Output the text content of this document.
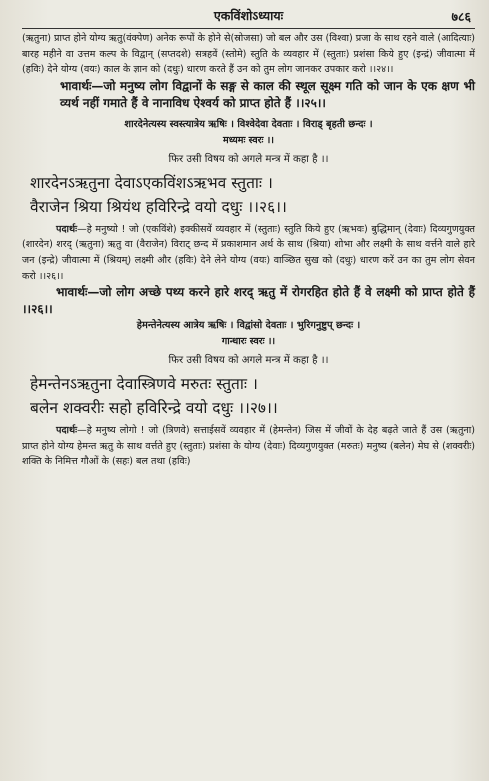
एकविंशोऽध्यायः	७८६

(ऋतुना) प्राप्त होने योग्य ऋतु(वंक्पेण) अनेक रूपों के होने से(स्रोजसा) जो बल और उस (विश्वा) प्रजा के साथ रहने वाले (आदित्याः) बारह महीने वा उत्तम कल्प के विद्वान् (सप्तदशे) सत्रहवें (स्तोमे) स्तुति के व्यवहार में (स्तुताः) प्रशंसा किये हुए (इन्द्रं) जीवात्मा में (हविः) देने योग्य (वयः) काल के ज्ञान को (दधुः) धारण करते हैं उन को तुम लोग जानकर उपकार करो ।।२४।।

भावार्थः—जो मनुष्य लोग विद्वानों के सङ्ग से काल की स्थूल सूक्ष्म गति को जान के एक क्षण भी व्यर्थ नहीं गमाते हैं वे नानाविध ऐश्वर्य को प्राप्त होते हैं ।।२५।।

शारदेनेत्यस्य स्वस्त्यात्रेय ऋषिः । विश्वेदेवा देवताः । विराड् बृहती छन्दः ।
मध्यमः स्वरः ।।
फिर उसी विषय को अगले मन्त्र में कहा है ।।
शारदेनऽऋतुना देवाऽएकविंशऽऋभव स्तुताः ।
वैराजेन श्रिया श्रियंथ हविरिन्द्रे वयो दधुः ।।२६।।

पदार्थः—हे मनुष्यो ! जो (एकविंशे) इक्कीसवें व्यवहार में (स्तुताः) स्तुति किये हुए (ऋभवः) बुद्धिमान् (देवाः) दिव्यगुणयुक्त (शारदेन) शरद् (ऋतुना) ऋतु वा (वैराजेन) विराट् छन्द में प्रकाशमान अर्थ के साथ (श्रिया) शोभा और लक्ष्मी के साथ वर्त्तने वाले हारे जन (इन्द्रे) जीवात्मा में (श्रियम्) लक्ष्मी और (हविः) देने लेने योग्य (वयः) वाञ्छित सुख को (दधुः) धारण करें उन का तुम लोग सेवन करो ।।२६।।

भावार्थः—जो लोग अच्छे पथ्य करने हारे शरद् ऋतु में रोगरहित होते हैं वे लक्ष्मी को प्राप्त होते हैं ।।२६।।

हेमन्तेनेत्यस्य आत्रेय ऋषिः । विद्वांसो देवताः । भुरिगनुष्टुप् छन्दः ।
गान्धारः स्वरः ।।
फिर उसी विषय को अगले मन्त्र में कहा है ।।
हेमन्तेनऽऋतुना देवास्त्रिणवे मरुतः स्तुताः ।
बलेन शक्वरीः सहो हविरिन्द्रे वयो दधुः ।।२७।।

पदार्थः—हे मनुष्य लोगो ! जो (त्रिणवे) सत्ताईसवें व्यवहार में (हेमन्तेन) जिस में जीवों के देह बढ़ते जाते हैं उस (ऋतुना) प्राप्त होने योग्य हेमन्त ऋतु के साथ वर्त्तते हुए (स्तुताः) प्रशंसा के योग्य (देवाः) दिव्यगुणयुक्त (मरुतः) मनुष्य (बलेन) मेघ से (शक्वरीः) शक्ति के निमित्त गौओं के (सहः) बल तथा (हविः)
